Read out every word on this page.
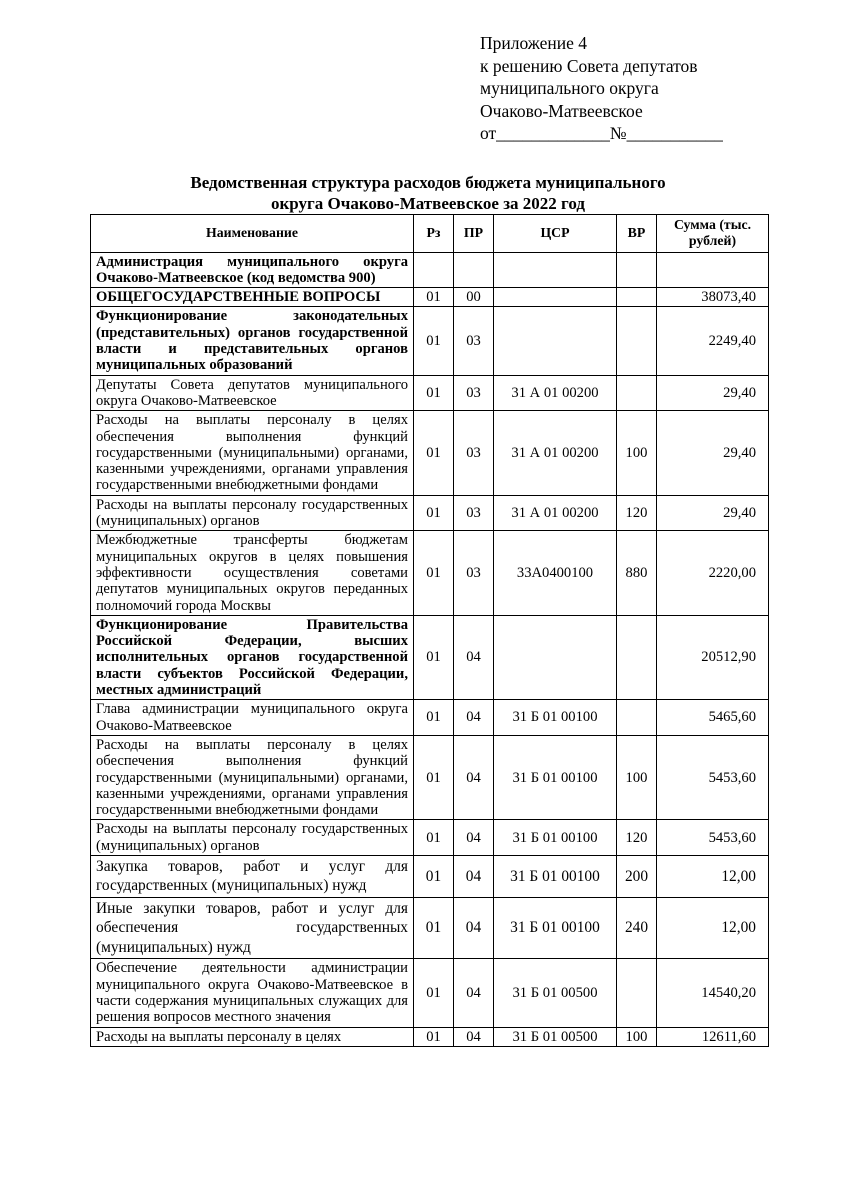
Приложение 4
к решению Совета депутатов
муниципального округа
Очаково-Матвеевское
от_____________№___________
Ведомственная структура расходов бюджета муниципального
округа Очаково-Матвеевское за 2022 год
Наименование	Рз	ПР	ЦСР	ВР	Сумма (тыс. рублей)
Администрация муниципального округа Очаково-Матвеевское (код ведомства 900)					
ОБЩЕГОСУДАРСТВЕННЫЕ ВОПРОСЫ	01	00			38073,40
Функционирование законодательных (представительных) органов государственной власти и представительных органов муниципальных образований	01	03			2249,40
Депутаты Совета депутатов муниципального округа Очаково-Матвеевское	01	03	31 А 01 00200		29,40
Расходы на выплаты персоналу в целях обеспечения выполнения функций государственными (муниципальными) органами, казенными учреждениями, органами управления государственными внебюджетными фондами	01	03	31 А 01 00200	100	29,40
Расходы на выплаты персоналу государственных (муниципальных) органов	01	03	31 А 01 00200	120	29,40
Межбюджетные трансферты бюджетам муниципальных округов в целях повышения эффективности осуществления советами депутатов муниципальных округов переданных полномочий города Москвы	01	03	33А0400100	880	2220,00
Функционирование Правительства Российской Федерации, высших исполнительных органов государственной власти субъектов Российской Федерации, местных администраций	01	04			20512,90
Глава администрации муниципального округа Очаково-Матвеевское	01	04	31 Б 01 00100		5465,60
Расходы на выплаты персоналу в целях обеспечения выполнения функций государственными (муниципальными) органами, казенными учреждениями, органами управления государственными внебюджетными фондами	01	04	31 Б 01 00100	100	5453,60
Расходы на выплаты персоналу государственных (муниципальных) органов	01	04	31 Б 01 00100	120	5453,60
Закупка товаров, работ и услуг для государственных (муниципальных) нужд	01	04	31 Б 01 00100	200	12,00
Иные закупки товаров, работ и услуг для обеспечения государственных (муниципальных) нужд	01	04	31 Б 01 00100	240	12,00
Обеспечение деятельности администрации муниципального округа Очаково-Матвеевское в части содержания муниципальных служащих для решения вопросов местного значения	01	04	31 Б 01 00500		14540,20
Расходы на выплаты персоналу в целях	01	04	31 Б 01 00500	100	12611,60
